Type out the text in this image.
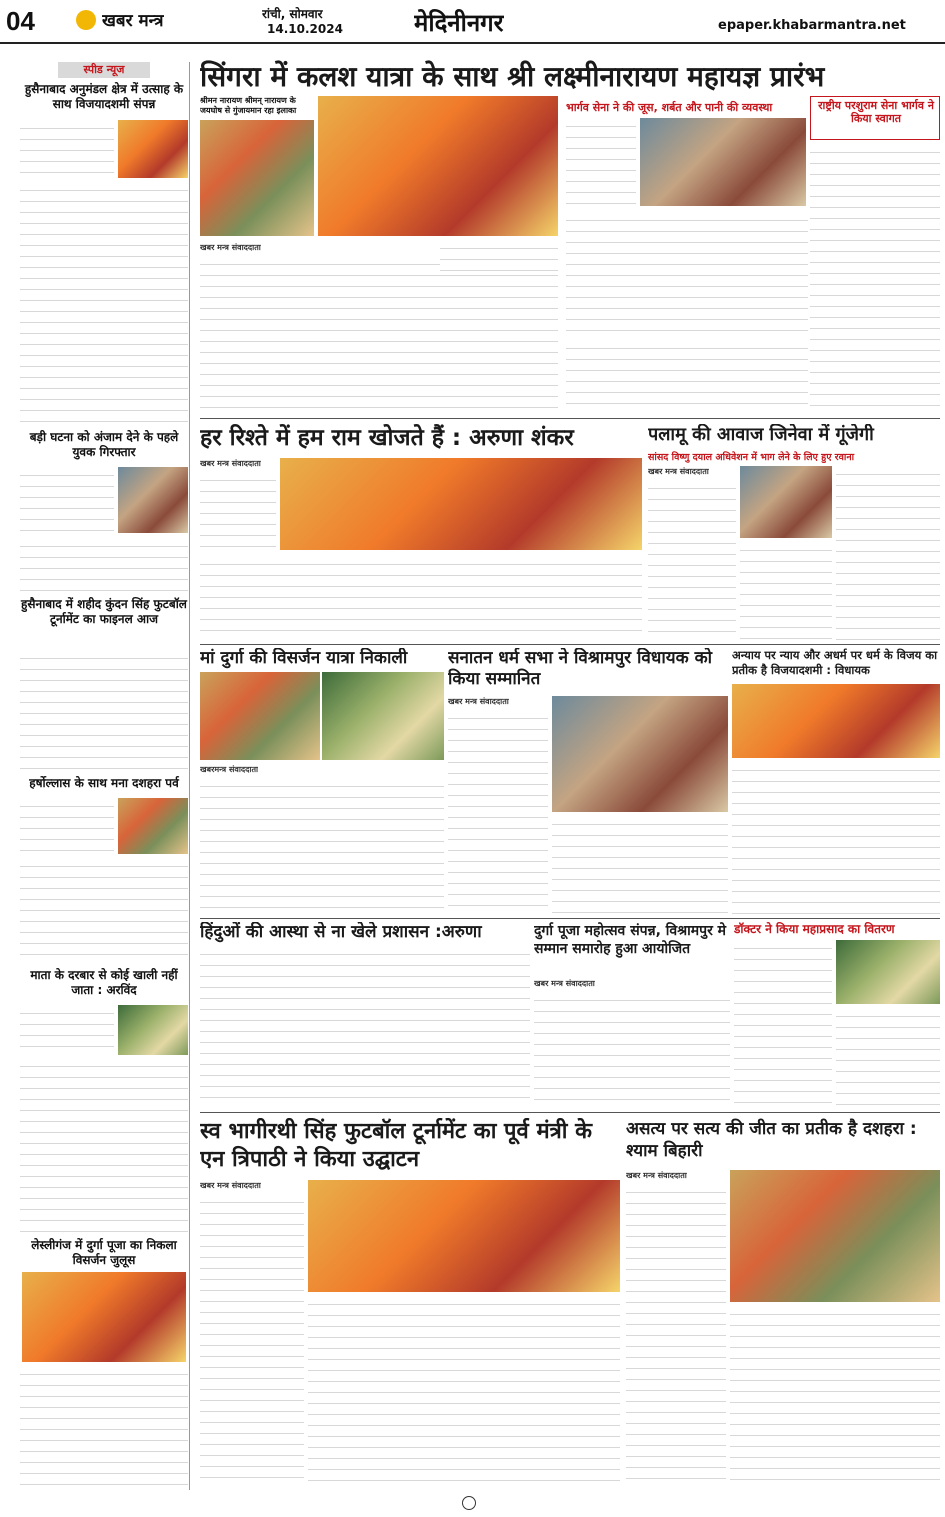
04	खबर मन्त्र	रांची, सोमवार
14.10.2024	मेदिनीनगर	epaper.khabarmantra.net
स्पीड न्यूज
हुसैनाबाद अनुमंडल क्षेत्र में उत्साह के साथ विजयादशमी संपन्न
बड़ी घटना को अंजाम देने के पहले युवक गिरफ्तार
हुसैनाबाद में शहीद कुंदन सिंह फुटबॉल टूर्नामेंट का फाइनल आज
हर्षोल्लास के साथ मना दशहरा पर्व
माता के दरबार से कोई खाली नहीं जाता : अरविंद
लेस्लीगंज में दुर्गा पूजा का निकला विसर्जन जुलूस
सिंगरा में कलश यात्रा के साथ श्री लक्ष्मीनारायण महायज्ञ प्रारंभ
श्रीमन नारायण श्रीमन् नारायण के जयघोष से गुंजायमान रहा इलाका
खबर मन्त्र संवाददाता
भार्गव सेना ने की जूस, शर्बत और पानी की व्यवस्था	राष्ट्रीय परशुराम सेना भार्गव ने किया स्वागत
हर रिश्ते में हम राम खोजते हैं : अरुणा शंकर
खबर मन्त्र संवाददाता
पलामू की आवाज जिनेवा में गूंजेगी
सांसद विष्णु दयाल अधिवेशन में भाग लेने के लिए हुए रवाना
खबर मन्त्र संवाददाता
मां दुर्गा की विसर्जन यात्रा निकाली
खबरमन्त्र संवाददाता
सनातन धर्म सभा ने विश्रामपुर विधायक को किया सम्मानित
खबर मन्त्र संवाददाता
अन्याय पर न्याय और अधर्म पर धर्म के विजय का प्रतीक है विजयादशमी : विधायक
हिंदुओं की आस्था से ना खेले प्रशासन :अरुणा	दुर्गा पूजा महोत्सव संपन्न, विश्रामपुर मे सम्मान समारोह हुआ आयोजित
खबर मन्त्र संवाददाता
डॉक्टर ने किया महाप्रसाद का वितरण
स्व भागीरथी सिंह फुटबॉल टूर्नामेंट का पूर्व मंत्री के एन त्रिपाठी ने किया उद्घाटन
खबर मन्त्र संवाददाता
असत्य पर सत्य की जीत का प्रतीक है दशहरा : श्याम बिहारी
खबर मन्त्र संवाददाता
